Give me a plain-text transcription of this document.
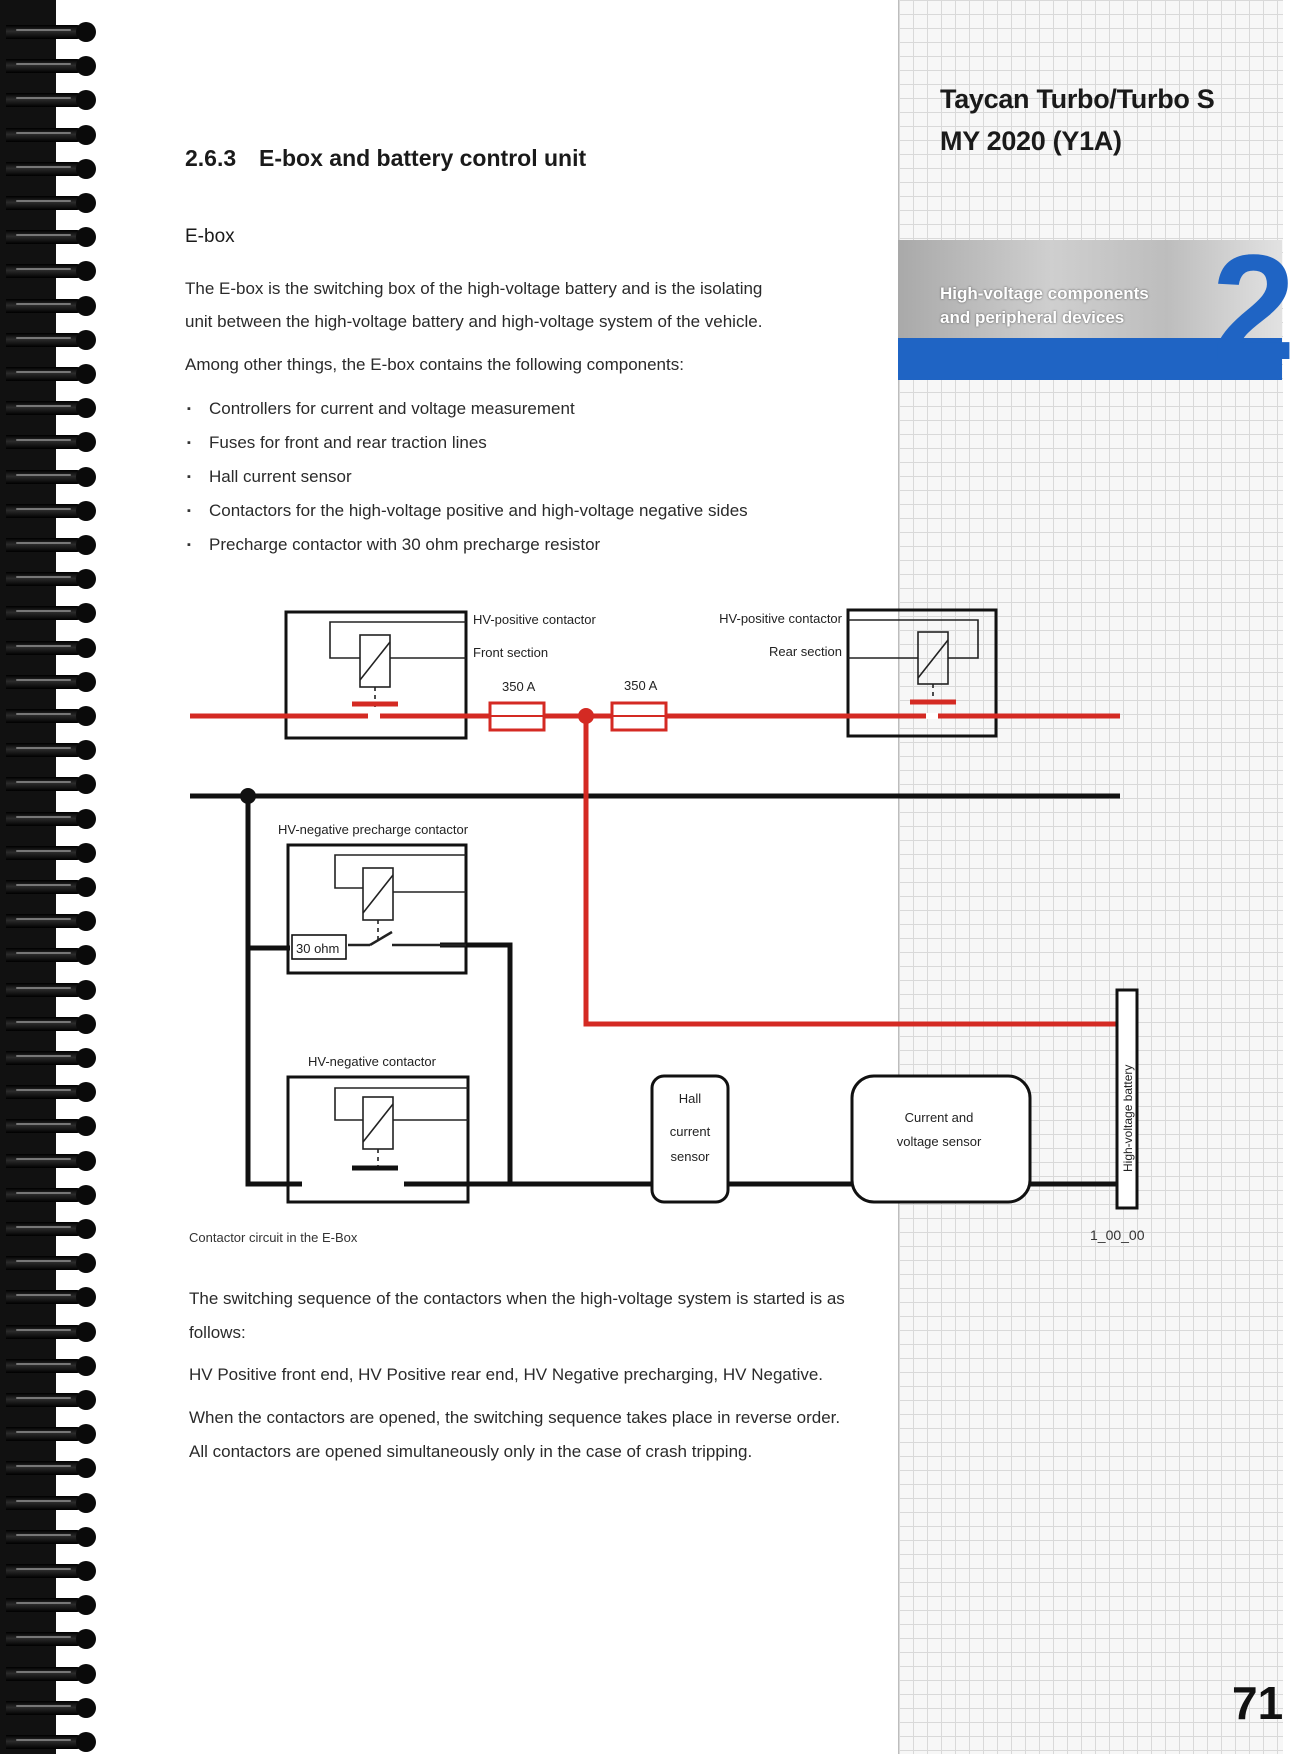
Taycan Turbo/Turbo S
MY 2020 (Y1A)
High-voltage components
and peripheral devices 2
71
2.6.3 E-box and battery control unit
E-box
The E-box is the switching box of the high-voltage battery and is the isolating
unit between the high-voltage battery and high-voltage system of the vehicle.
Among other things, the E-box contains the following components:
▪ Controllers for current and voltage measurement
▪ Fuses for front and rear traction lines
▪ Hall current sensor
▪ Contactors for the high-voltage positive and high-voltage negative sides
▪ Precharge contactor with 30 ohm precharge resistor
30 ohm
HV-positive contactor
Front section
HV-positive contactor
Rear section
350 A	350 A
HV-negative precharge contactor
HV-negative contactor
Hall
current
sensor
Current and
voltage sensor	High-voltage battery
Contactor circuit in the E-Box	1_00_00
The switching sequence of the contactors when the high-voltage system is started is as
follows:
HV Positive front end, HV Positive rear end, HV Negative precharging, HV Negative.
When the contactors are opened, the switching sequence takes place in reverse order.
All contactors are opened simultaneously only in the case of crash tripping.
